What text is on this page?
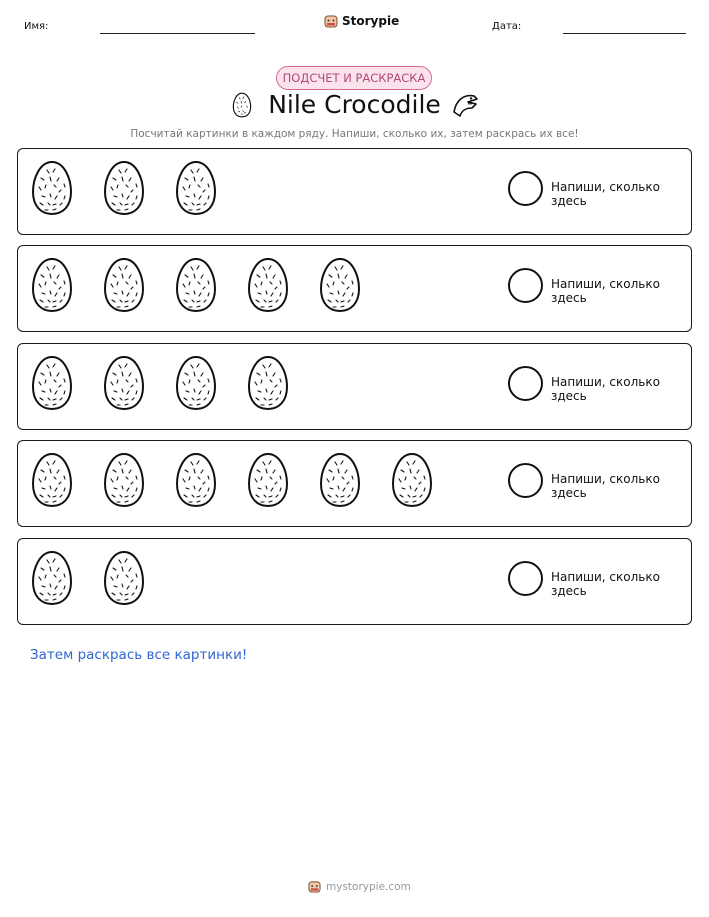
Имя:	Storypie	Дата:
ПОДСЧЕТ И РАСКРАСКА
Nile Crocodile
Посчитай картинки в каждом ряду. Напиши, сколько их, затем раскрась их все!
Напиши, сколько здесь
Напиши, сколько здесь
Напиши, сколько здесь
Напиши, сколько здесь
Напиши, сколько здесь
Затем раскрась все картинки!
mystorypie.com
